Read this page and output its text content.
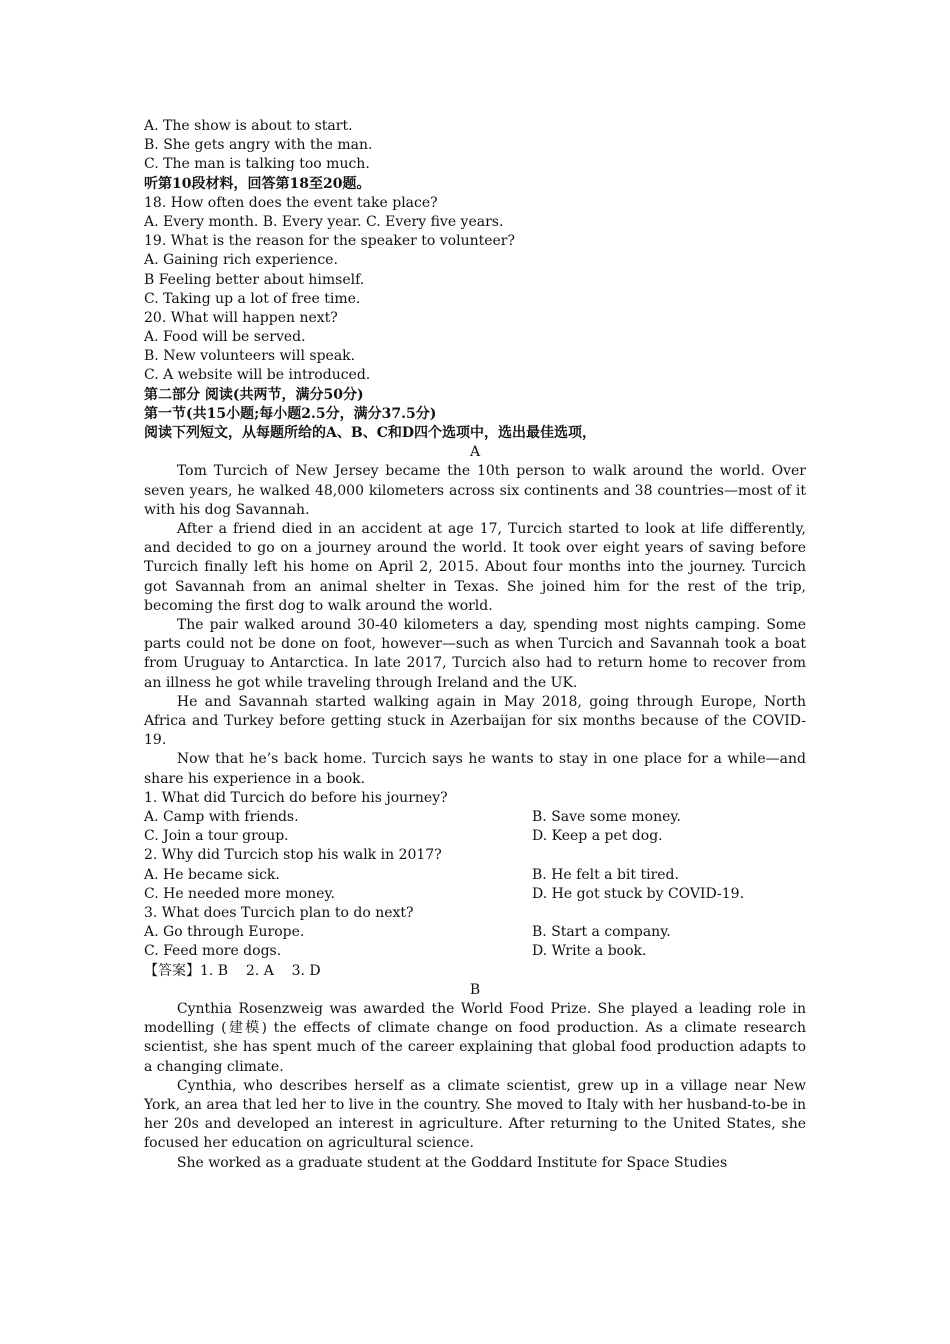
A. The show is about to start.
B. She gets angry with the man.
C. The man is talking too much.
听第10段材料，回答第18至20题。
18. How often does the event take place?
A. Every month. B. Every year. C. Every five years.
19. What is the reason for the speaker to volunteer?
A. Gaining rich experience.
B Feeling better about himself.
C. Taking up a lot of free time.
20. What will happen next?
A. Food will be served.
B. New volunteers will speak.
C. A website will be introduced.
第二部分 阅读(共两节，满分50分)
第一节(共15小题;每小题2.5分，满分37.5分)
阅读下列短文，从每题所给的A、B、C和D四个选项中，选出最佳选项，
A

Tom Turcich of New Jersey became the 10th person to walk around the world. Over seven years, he walked 48,000 kilometers across six continents and 38 countries—most of it with his dog Savannah.

After a friend died in an accident at age 17, Turcich started to look at life differently, and decided to go on a journey around the world. It took over eight years of saving before Turcich finally left his home on April 2, 2015. About four months into the journey. Turcich got Savannah from an animal shelter in Texas. She joined him for the rest of the trip, becoming the first dog to walk around the world.

The pair walked around 30-40 kilometers a day, spending most nights camping. Some parts could not be done on foot, however—such as when Turcich and Savannah took a boat from Uruguay to Antarctica. In late 2017, Turcich also had to return home to recover from an illness he got while traveling through Ireland and the UK.

He and Savannah started walking again in May 2018, going through Europe, North Africa and Turkey before getting stuck in Azerbaijan for six months because of the COVID-19.

Now that he’s back home. Turcich says he wants to stay in one place for a while—and share his experience in a book.

1. What did Turcich do before his journey?
A. Camp with friends.	B. Save some money.
C. Join a tour group.	D. Keep a pet dog.
2. Why did Turcich stop his walk in 2017?
A. He became sick.	B. He felt a bit tired.
C. He needed more money.	D. He got stuck by COVID-19.
3. What does Turcich plan to do next?
A. Go through Europe.	B. Start a company.
C. Feed more dogs.	D. Write a book.
【答案】1. B    2. A    3. D
B

Cynthia Rosenzweig was awarded the World Food Prize. She played a leading role in modelling (建模) the effects of climate change on food production. As a climate research scientist, she has spent much of the career explaining that global food production adapts to a changing climate.

Cynthia, who describes herself as a climate scientist, grew up in a village near New York, an area that led her to live in the country. She moved to Italy with her husband-to-be in her 20s and developed an interest in agriculture. After returning to the United States, she focused her education on agricultural science.

She worked as a graduate student at the Goddard Institute for Space Studies
